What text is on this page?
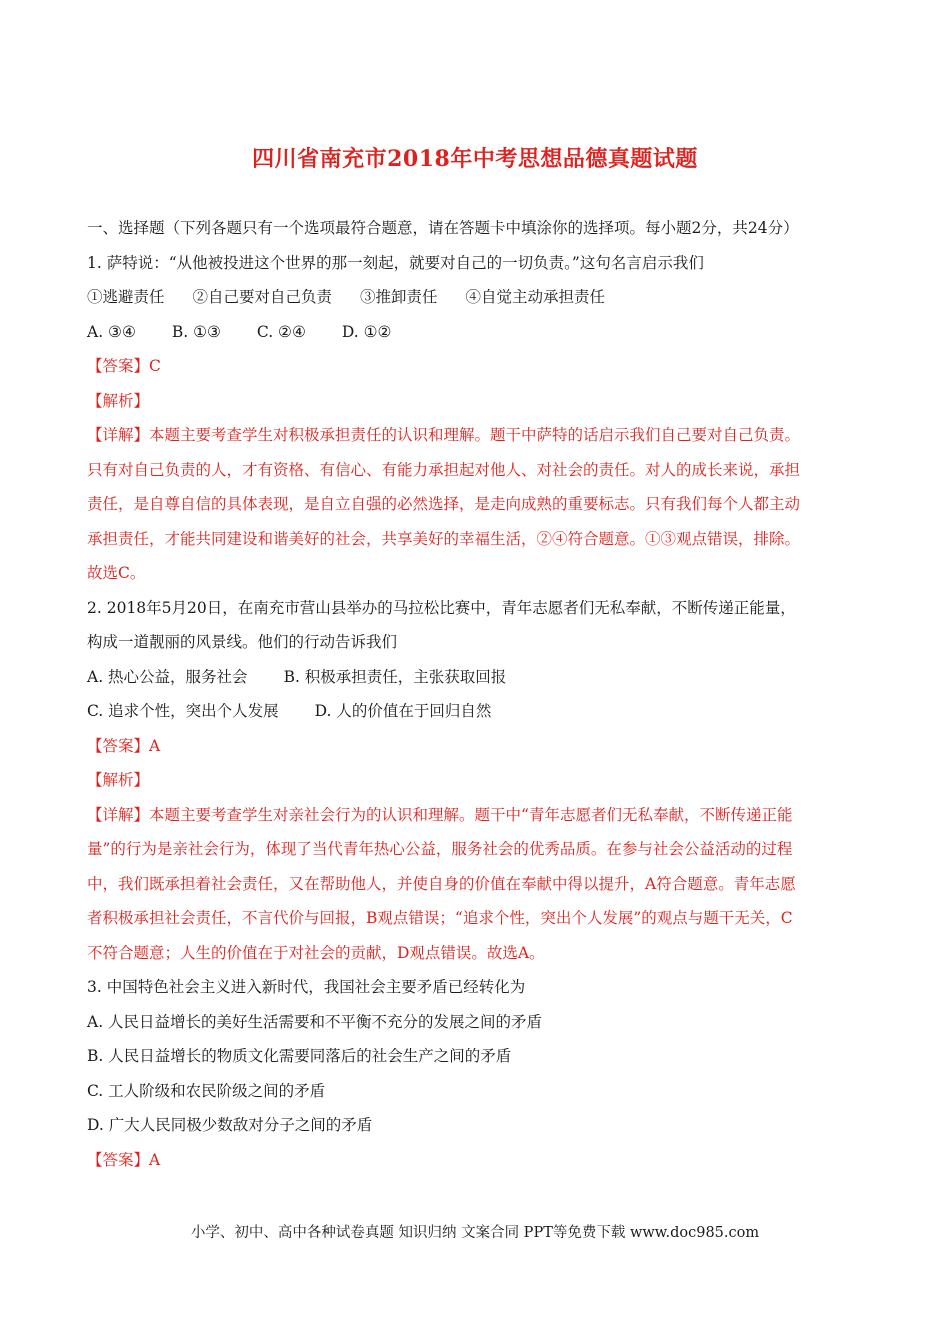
四川省南充市2018年中考思想品德真题试题
一、选择题（下列各题只有一个选项最符合题意，请在答题卡中填涂你的选择项。每小题2分，共24分）
1. 萨特说：“从他被投进这个世界的那一刻起，就要对自己的一切负责。”这句名言启示我们
①逃避责任 ②自己要对自己负责 ③推卸责任 ④自觉主动承担责任
A. ③④ B. ①③ C. ②④ D. ①②
【答案】C
【解析】
【详解】本题主要考查学生对积极承担责任的认识和理解。题干中萨特的话启示我们自己要对自己负责。
只有对自己负责的人，才有资格、有信心、有能力承担起对他人、对社会的责任。对人的成长来说，承担
责任，是自尊自信的具体表现，是自立自强的必然选择，是走向成熟的重要标志。只有我们每个人都主动
承担责任，才能共同建设和谐美好的社会，共享美好的幸福生活，②④符合题意。①③观点错误，排除。
故选C。
2. 2018年5月20日，在南充市营山县举办的马拉松比赛中，青年志愿者们无私奉献，不断传递正能量，
构成一道靓丽的风景线。他们的行动告诉我们
A. 热心公益，服务社会 B. 积极承担责任，主张获取回报
C. 追求个性，突出个人发展 D. 人的价值在于回归自然
【答案】A
【解析】
【详解】本题主要考查学生对亲社会行为的认识和理解。题干中“青年志愿者们无私奉献，不断传递正能
量”的行为是亲社会行为，体现了当代青年热心公益，服务社会的优秀品质。在参与社会公益活动的过程
中，我们既承担着社会责任，又在帮助他人，并使自身的价值在奉献中得以提升，A符合题意。青年志愿
者积极承担社会责任，不言代价与回报，B观点错误；“追求个性，突出个人发展”的观点与题干无关，C
不符合题意；人生的价值在于对社会的贡献，D观点错误。故选A。
3. 中国特色社会主义进入新时代，我国社会主要矛盾已经转化为
A. 人民日益增长的美好生活需要和不平衡不充分的发展之间的矛盾
B. 人民日益增长的物质文化需要同落后的社会生产之间的矛盾
C. 工人阶级和农民阶级之间的矛盾
D. 广大人民同极少数敌对分子之间的矛盾
【答案】A
小学、初中、高中各种试卷真题 知识归纳 文案合同 PPT等免费下载 www.doc985.com
